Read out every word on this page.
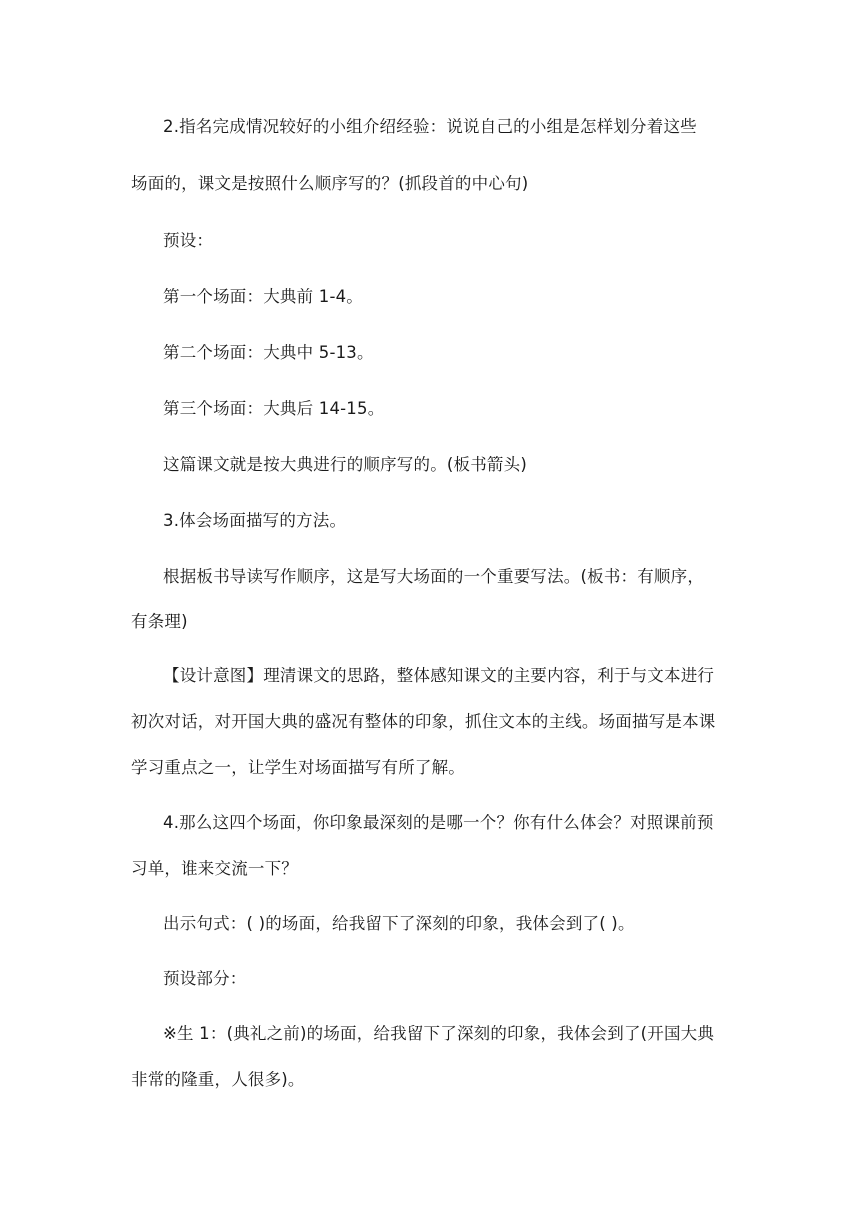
2.指名完成情况较好的小组介绍经验：说说自己的小组是怎样划分着这些
场面的，课文是按照什么顺序写的？(抓段首的中心句)
预设：
第一个场面：大典前 1-4。
第二个场面：大典中 5-13。
第三个场面：大典后 14-15。
这篇课文就是按大典进行的顺序写的。(板书箭头)
3.体会场面描写的方法。
根据板书导读写作顺序，这是写大场面的一个重要写法。(板书：有顺序，
有条理)
【设计意图】理清课文的思路，整体感知课文的主要内容，利于与文本进行
初次对话，对开国大典的盛况有整体的印象，抓住文本的主线。场面描写是本课
学习重点之一，让学生对场面描写有所了解。
4.那么这四个场面，你印象最深刻的是哪一个？你有什么体会？对照课前预
习单，谁来交流一下？
出示句式：( )的场面，给我留下了深刻的印象，我体会到了( )。
预设部分：
※生 1：(典礼之前)的场面，给我留下了深刻的印象，我体会到了(开国大典
非常的隆重，人很多)。
